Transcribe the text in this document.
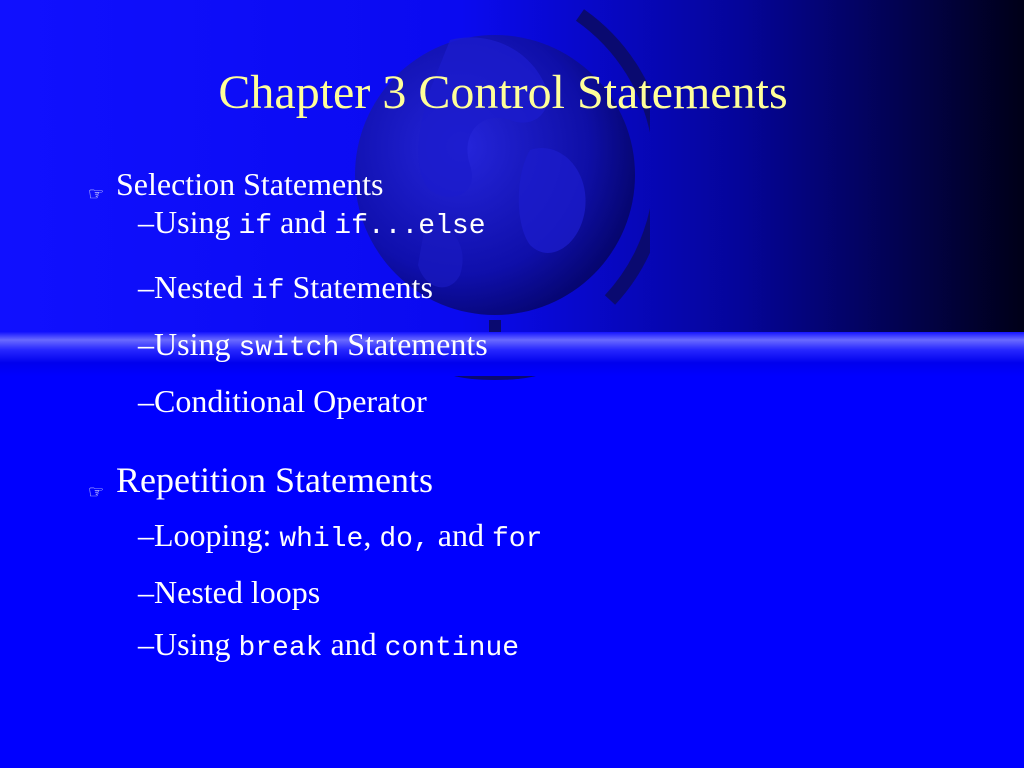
Chapter 3 Control Statements
☞ Selection Statements
–Using if and if...else
–Nested if Statements
–Using switch Statements
–Conditional Operator
☞ Repetition Statements
–Looping: while, do, and for
–Nested loops
–Using break and continue
